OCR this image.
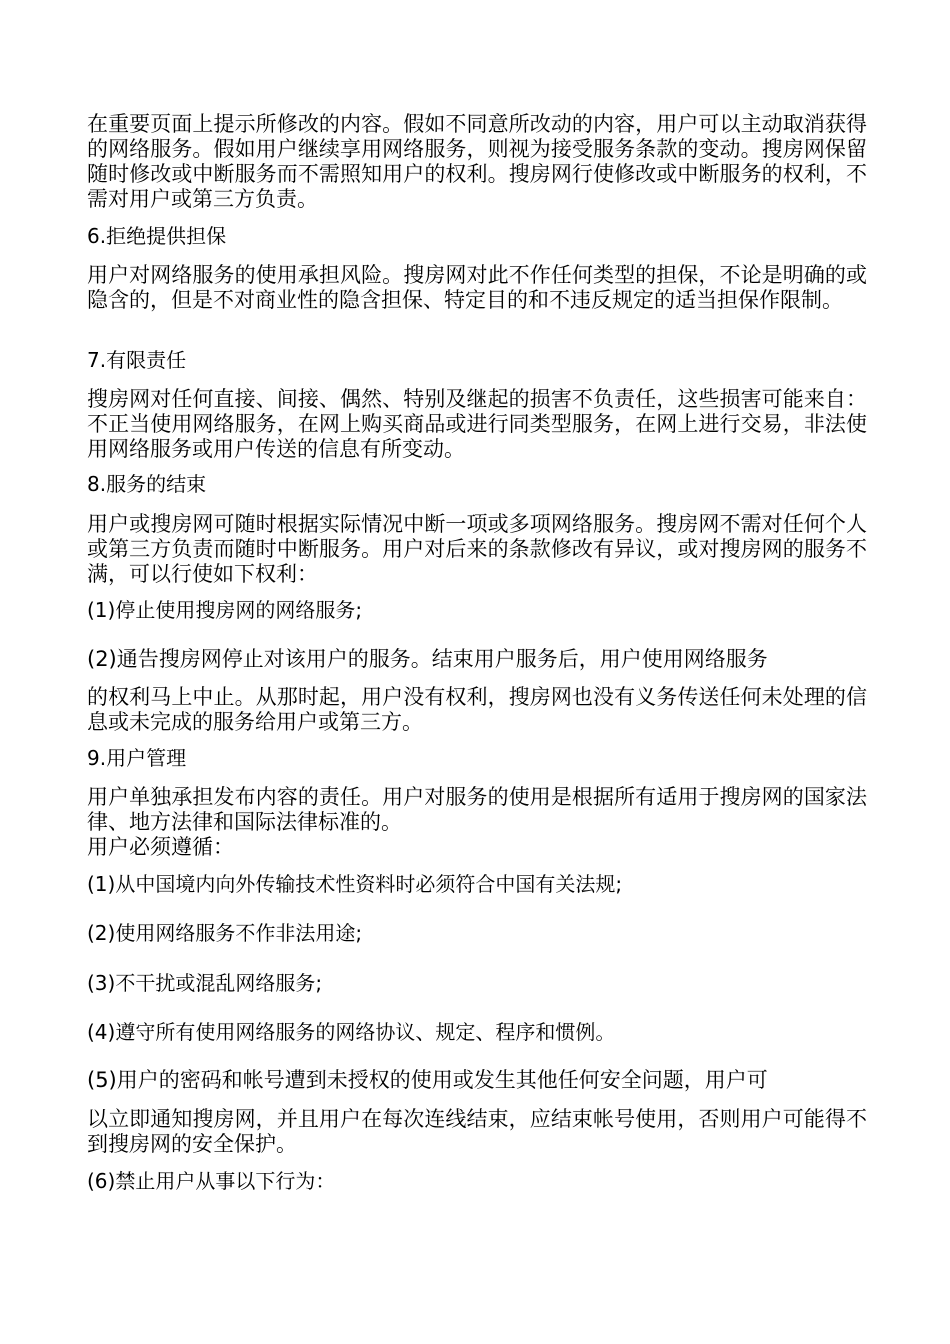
在重要页面上提示所修改的内容。假如不同意所改动的内容，用户可以主动取消获得的网络服务。假如用户继续享用网络服务，则视为接受服务条款的变动。搜房网保留随时修改或中断服务而不需照知用户的权利。搜房网行使修改或中断服务的权利，不需对用户或第三方负责。

6.拒绝提供担保

用户对网络服务的使用承担风险。搜房网对此不作任何类型的担保，不论是明确的或隐含的，但是不对商业性的隐含担保、特定目的和不违反规定的适当担保作限制。

7.有限责任

搜房网对任何直接、间接、偶然、特别及继起的损害不负责任，这些损害可能来自：不正当使用网络服务，在网上购买商品或进行同类型服务，在网上进行交易，非法使用网络服务或用户传送的信息有所变动。

8.服务的结束

用户或搜房网可随时根据实际情况中断一项或多项网络服务。搜房网不需对任何个人或第三方负责而随时中断服务。用户对后来的条款修改有异议，或对搜房网的服务不满，可以行使如下权利：

(1)停止使用搜房网的网络服务;

(2)通告搜房网停止对该用户的服务。结束用户服务后，用户使用网络服务

的权利马上中止。从那时起，用户没有权利，搜房网也没有义务传送任何未处理的信息或未完成的服务给用户或第三方。

9.用户管理

用户单独承担发布内容的责任。用户对服务的使用是根据所有适用于搜房网的国家法律、地方法律和国际法律标准的。

用户必须遵循：

(1)从中国境内向外传输技术性资料时必须符合中国有关法规;

(2)使用网络服务不作非法用途;

(3)不干扰或混乱网络服务;

(4)遵守所有使用网络服务的网络协议、规定、程序和惯例。

(5)用户的密码和帐号遭到未授权的使用或发生其他任何安全问题，用户可

以立即通知搜房网，并且用户在每次连线结束，应结束帐号使用，否则用户可能得不到搜房网的安全保护。

(6)禁止用户从事以下行为：
